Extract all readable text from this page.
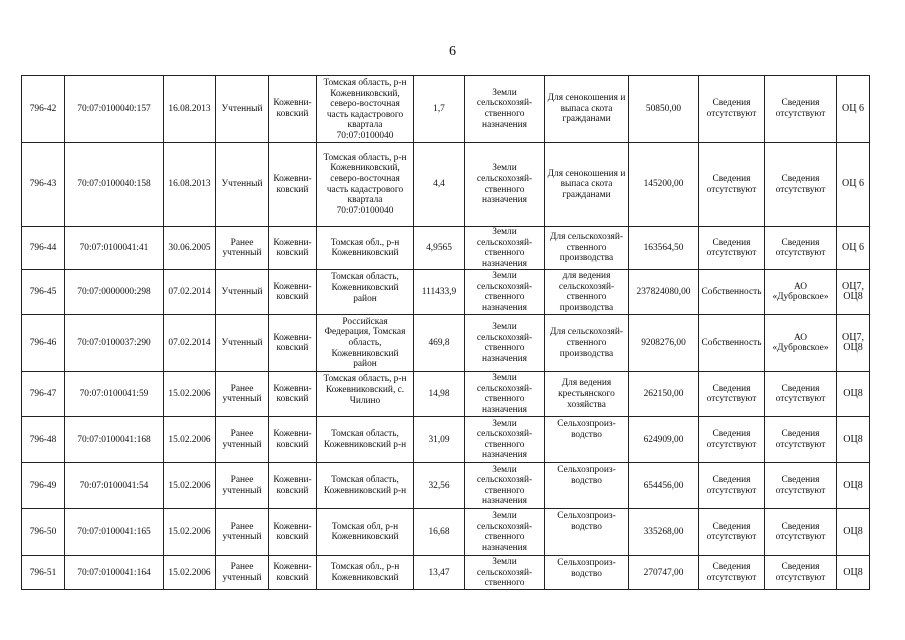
6
796-42	70:07:0100040:157	16.08.2013	Учтенный	Кожевни-ковский	Томская область, р-н Кожевниковский, северо-восточная часть кадастрового квартала 70:07:0100040	1,7	Земли сельскохозяй-ственного назначения	Для сенокошения и выпаса скота гражданами	50850,00	Сведения отсутствуют	Сведения отсутствуют	ОЦ 6
796-43	70:07:0100040:158	16.08.2013	Учтенный	Кожевни-ковский	Томская область, р-н Кожевниковский, северо-восточная часть кадастрового квартала 70:07:0100040	4,4	Земли сельскохозяй-ственного назначения	Для сенокошения и выпаса скота гражданами	145200,00	Сведения отсутствуют	Сведения отсутствуют	ОЦ 6
796-44	70:07:0100041:41	30.06.2005	Ранее учтенный	Кожевни-ковский	Томская обл., р-н Кожевниковский	4,9565	Земли сельскохозяй-ственного назначения	Для сельскохозяй-ственного производства	163564,50	Сведения отсутствуют	Сведения отсутствуют	ОЦ 6
796-45	70:07:0000000:298	07.02.2014	Учтенный	Кожевни-ковский	Томская область, Кожевниковский район	111433,9	Земли сельскохозяй-ственного назначения	для ведения сельскохозяй-ственного производства	237824080,00	Собственность	АО «Дубровское»	ОЦ7, ОЦ8
796-46	70:07:0100037:290	07.02.2014	Учтенный	Кожевни-ковский	Российская Федерация, Томская область, Кожевниковский район	469,8	Земли сельскохозяй-ственного назначения	Для сельскохозяй-ственного производства	9208276,00	Собственность	АО «Дубровское»	ОЦ7, ОЦ8
796-47	70:07:0100041:59	15.02.2006	Ранее учтенный	Кожевни-ковский	Томская область, р-н Кожевниковский, с. Чилино	14,98	Земли сельскохозяй-ственного назначения	Для ведения крестьянского хозяйства	262150,00	Сведения отсутствуют	Сведения отсутствуют	ОЦ8
796-48	70:07:0100041:168	15.02.2006	Ранее учтенный	Кожевни-ковский	Томская область, Кожевниковский р-н	31,09	Земли сельскохозяй-ственного назначения	Сельхозпроиз-водство	624909,00	Сведения отсутствуют	Сведения отсутствуют	ОЦ8
796-49	70:07:0100041:54	15.02.2006	Ранее учтенный	Кожевни-ковский	Томская область, Кожевниковский р-н	32,56	Земли сельскохозяй-ственного назначения	Сельхозпроиз-водство	654456,00	Сведения отсутствуют	Сведения отсутствуют	ОЦ8
796-50	70:07:0100041:165	15.02.2006	Ранее учтенный	Кожевни-ковский	Томская обл, р-н Кожевниковский	16,68	Земли сельскохозяй-ственного назначения	Сельхозпроиз-водство	335268,00	Сведения отсутствуют	Сведения отсутствуют	ОЦ8
796-51	70:07:0100041:164	15.02.2006	Ранее учтенный	Кожевни-ковский	Томская обл., р-н Кожевниковский	13,47	Земли сельскохозяй-ственного	Сельхозпроиз-водство	270747,00	Сведения отсутствуют	Сведения отсутствуют	ОЦ8
